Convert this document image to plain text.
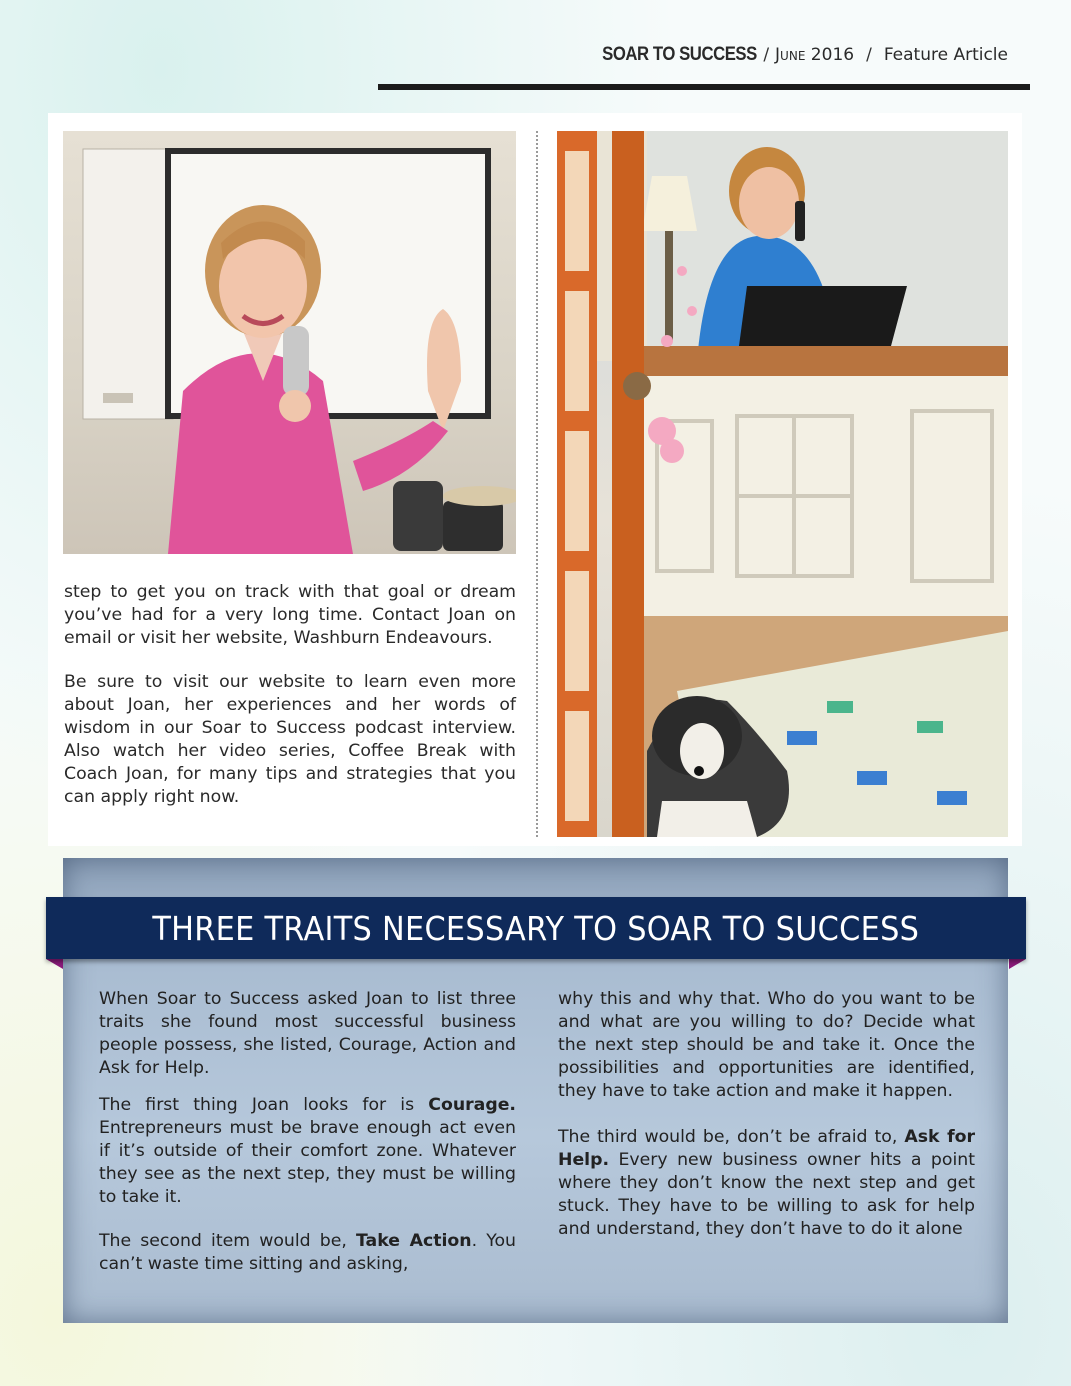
SOAR TO SUCCESS / June 2016 / Feature Article

step to get you on track with that goal or dream you’ve had for a very long time. Contact Joan on email or visit her website, Washburn Endeavours.

Be sure to visit our website to learn even more about Joan, her experiences and her words of wisdom in our Soar to Success podcast interview. Also watch her video series, Coffee Break with Coach Joan, for many tips and strategies that you can apply right now.

THREE TRAITS NECESSARY TO SOAR TO SUCCESS

When Soar to Success asked Joan to list three traits she found most successful business people possess, she listed, Courage, Action and Ask for Help.

The first thing Joan looks for is Courage. Entrepreneurs must be brave enough act even if it’s outside of their comfort zone. Whatever they see as the next step, they must be willing to take it.

The second item would be, Take Action. You can’t waste time sitting and asking,

why this and why that. Who do you want to be and what are you willing to do? Decide what the next step should be and take it. Once the possibilities and opportunities are identified, they have to take action and make it happen.

The third would be, don’t be afraid to, Ask for Help. Every new business owner hits a point where they don’t know the next step and get stuck. They have to be willing to ask for help and understand, they don’t have to do it alone
